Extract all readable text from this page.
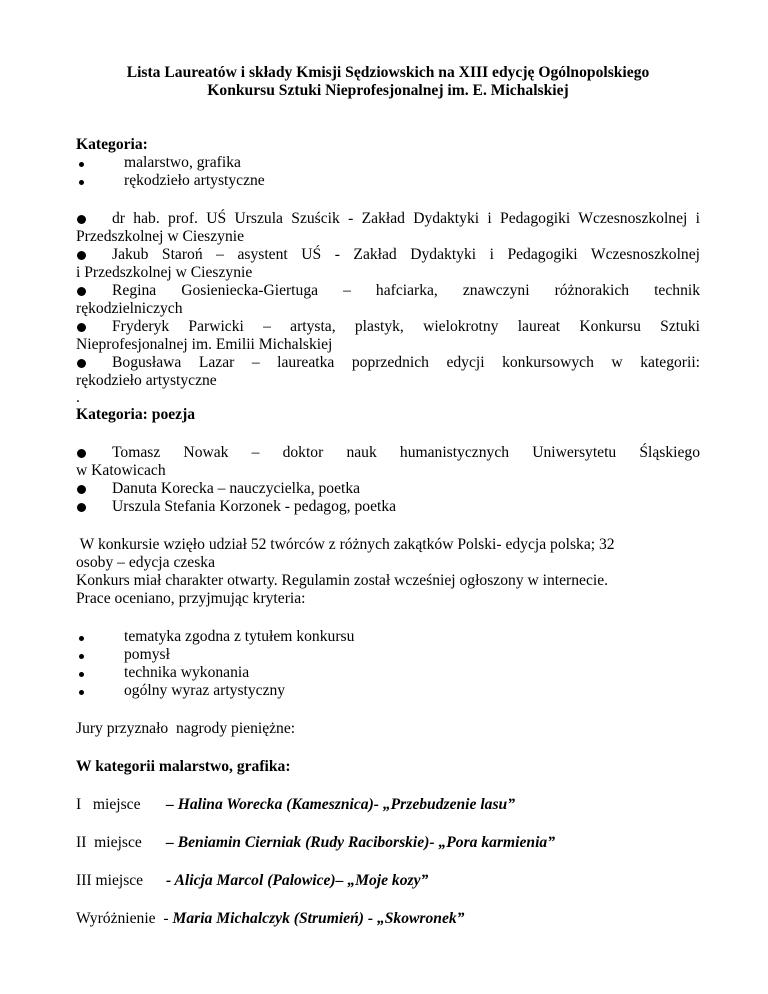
Lista Laureatów i składy Kmisji Sędziowskich na XIII edycję Ogólnopolskiego
Konkursu Sztuki Nieprofesjonalnej im. E. Michalskiej

Kategoria:

malarstwo, grafika
rękodzieło artystyczne

dr hab. prof. UŚ Urszula Szuścik - Zakład Dydaktyki i Pedagogiki Wczesnoszkolnej i

Przedszkolnej w Cieszynie

Jakub Staroń – asystent UŚ - Zakład Dydaktyki i Pedagogiki Wczesnoszkolnej

i Przedszkolnej w Cieszynie

Regina Gosieniecka-Giertuga – hafciarka, znawczyni różnorakich technik

rękodzielniczych

Fryderyk Parwicki – artysta, plastyk, wielokrotny laureat Konkursu Sztuki

Nieprofesjonalnej im. Emilii Michalskiej

Bogusława Lazar – laureatka poprzednich edycji konkursowych w kategorii:

rękodzieło artystyczne

.

Kategoria: poezja

Tomasz Nowak – doktor nauk humanistycznych Uniwersytetu Śląskiego

w Katowicach

Danuta Korecka – nauczycielka, poetka

Urszula Stefania Korzonek - pedagog, poetka

W konkursie wzięło udział 52 twórców z różnych zakątków Polski- edycja polska; 32

osoby – edycja czeska

Konkurs miał charakter otwarty. Regulamin został wcześniej ogłoszony w internecie.

Prace oceniano, przyjmując kryteria:

tematyka zgodna z tytułem konkursu
pomysł
technika wykonania
ogólny wyraz artystyczny

Jury przyznało  nagrody pieniężne:

W kategorii malarstwo, grafika:

I   miejsce	– Halina Worecka (Kamesznica)- „Przebudzenie lasu”
II  miejsce	– Beniamin Cierniak (Rudy Raciborskie)- „Pora karmienia”
III miejsce	- Alicja Marcol (Palowice)– „Moje kozy”
Wyróżnienie  - Maria Michalczyk (Strumień) - „Skowronek”
